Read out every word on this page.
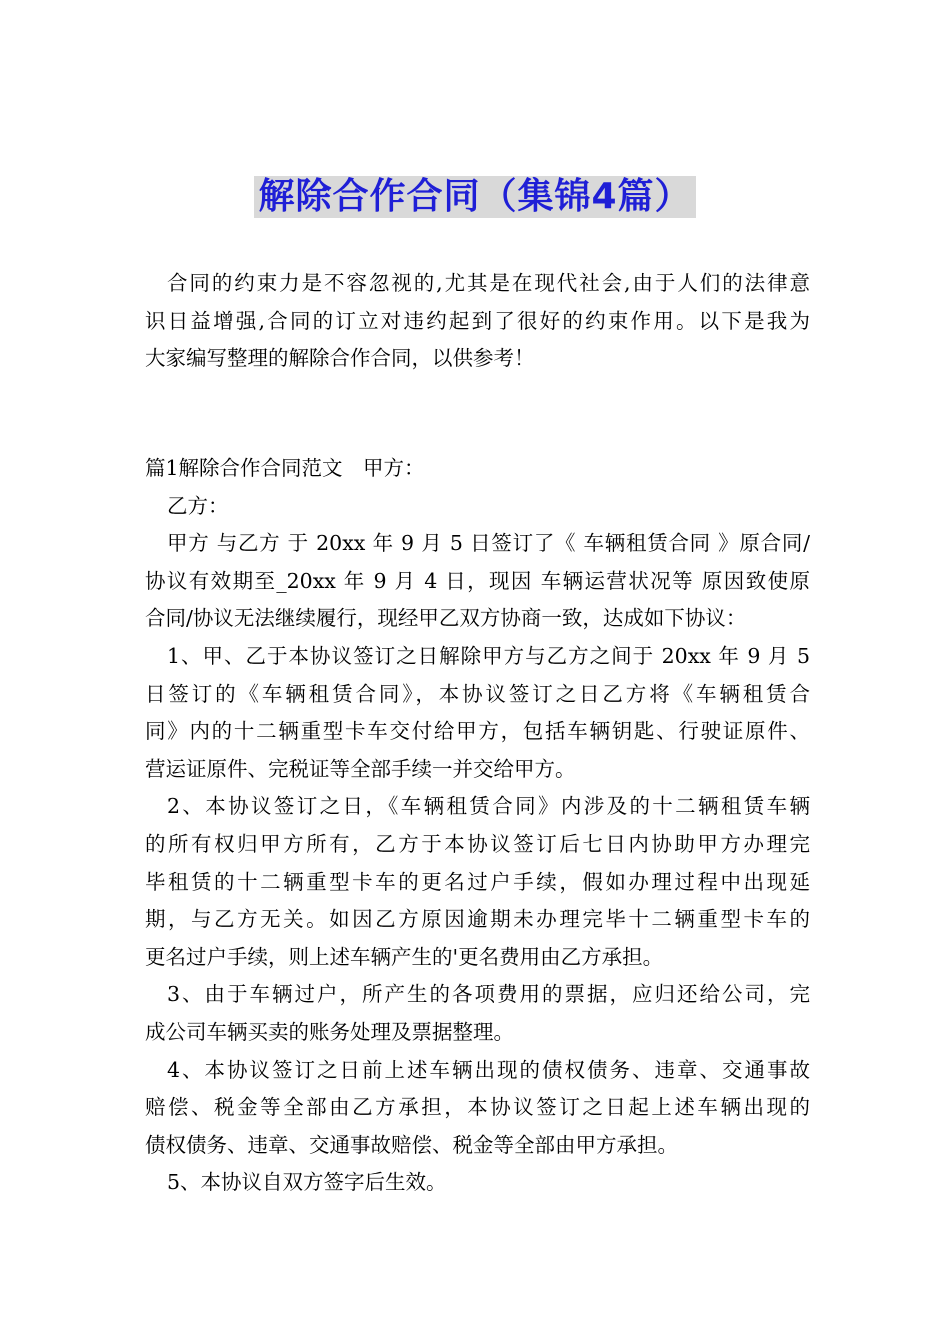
解除合作合同（集锦4篇）
合同的约束力是不容忽视的,尤其是在现代社会,由于人们的法律意
识日益增强,合同的订立对违约起到了很好的约束作用。以下是我为
大家编写整理的解除合作合同，以供参考！
篇1解除合作合同范文　甲方：
乙方：
甲方 与乙方 于 20xx 年 9 月 5 日签订了《 车辆租赁合同 》原合同/
协议有效期至_20xx 年 9 月 4 日，现因 车辆运营状况等 原因致使原
合同/协议无法继续履行，现经甲乙双方协商一致，达成如下协议：
1、甲、乙于本协议签订之日解除甲方与乙方之间于 20xx 年 9 月 5
日签订的《车辆租赁合同》，本协议签订之日乙方将《车辆租赁合
同》内的十二辆重型卡车交付给甲方，包括车辆钥匙、行驶证原件、
营运证原件、完税证等全部手续一并交给甲方。
2、本协议签订之日，《车辆租赁合同》内涉及的十二辆租赁车辆
的所有权归甲方所有，乙方于本协议签订后七日内协助甲方办理完
毕租赁的十二辆重型卡车的更名过户手续，假如办理过程中出现延
期，与乙方无关。如因乙方原因逾期未办理完毕十二辆重型卡车的
更名过户手续，则上述车辆产生的'更名费用由乙方承担。
3、由于车辆过户，所产生的各项费用的票据，应归还给公司，完
成公司车辆买卖的账务处理及票据整理。
4、本协议签订之日前上述车辆出现的债权债务、违章、交通事故
赔偿、税金等全部由乙方承担，本协议签订之日起上述车辆出现的
债权债务、违章、交通事故赔偿、税金等全部由甲方承担。
5、本协议自双方签字后生效。
